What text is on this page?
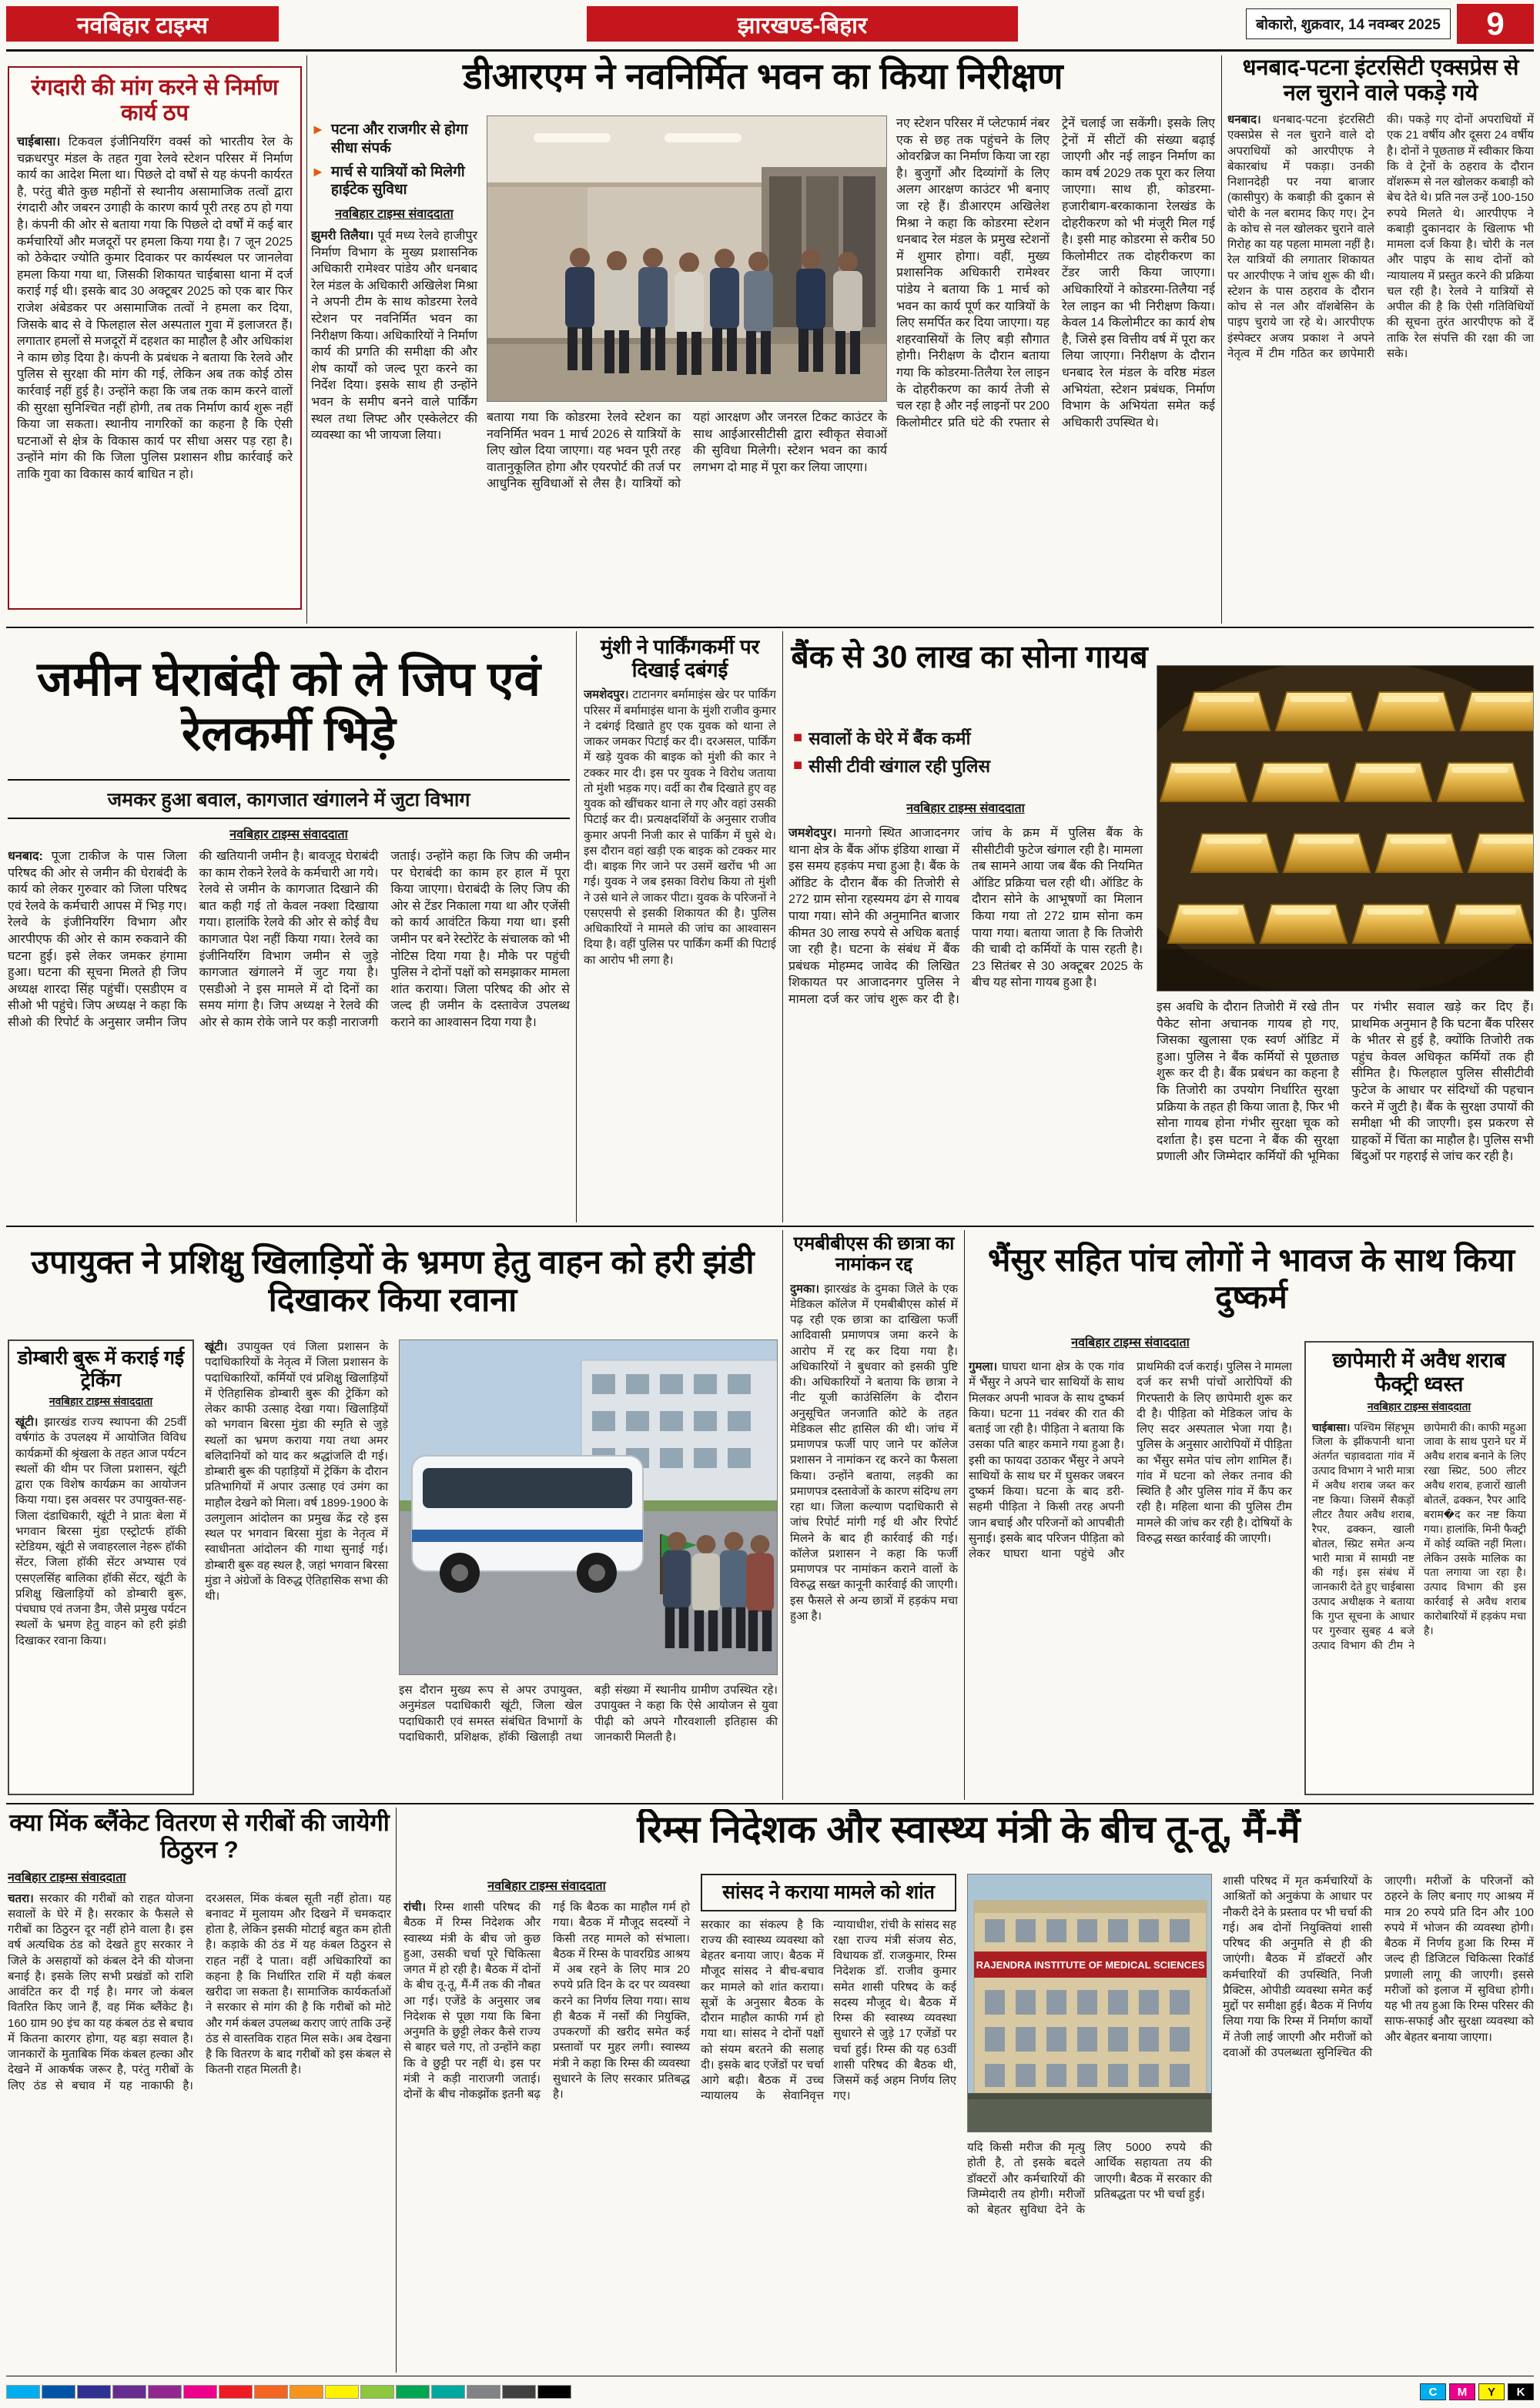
नवबिहार टाइम्स	झारखण्ड-बिहार	बोकारो, शुक्रवार, 14 नवम्बर 2025	9
रंगदारी की मांग करने से निर्माण कार्य ठप
चाईबासा। टिकवल इंजीनियरिंग वर्क्स को भारतीय रेल के चक्रधरपुर मंडल के तहत गुवा रेलवे स्टेशन परिसर में निर्माण कार्य का आदेश मिला था। पिछले दो वर्षों से यह कंपनी कार्यरत है, परंतु बीते कुछ महीनों से स्थानीय असामाजिक तत्वों द्वारा रंगदारी और जबरन उगाही के कारण कार्य पूरी तरह ठप हो गया है। कंपनी की ओर से बताया गया कि पिछले दो वर्षों में कई बार कर्मचारियों और मजदूरों पर हमला किया गया है। 7 जून 2025 को ठेकेदार ज्योति कुमार दिवाकर पर कार्यस्थल पर जानलेवा हमला किया गया था, जिसकी शिकायत चाईबासा थाना में दर्ज कराई गई थी। इसके बाद 30 अक्टूबर 2025 को एक बार फिर राजेश अंबेडकर पर असामाजिक तत्वों ने हमला कर दिया, जिसके बाद से वे फिलहाल सेल अस्पताल गुवा में इलाजरत हैं। लगातार हमलों से मजदूरों में दहशत का माहौल है और अधिकांश ने काम छोड़ दिया है। कंपनी के प्रबंधक ने बताया कि रेलवे और पुलिस से सुरक्षा की मांग की गई, लेकिन अब तक कोई ठोस कार्रवाई नहीं हुई है। उन्होंने कहा कि जब तक काम करने वालों की सुरक्षा सुनिश्चित नहीं होगी, तब तक निर्माण कार्य शुरू नहीं किया जा सकता। स्थानीय नागरिकों का कहना है कि ऐसी घटनाओं से क्षेत्र के विकास कार्य पर सीधा असर पड़ रहा है। उन्होंने मांग की कि जिला पुलिस प्रशासन शीघ्र कार्रवाई करे ताकि गुवा का विकास कार्य बाधित न हो।
डीआरएम ने नवनिर्मित भवन का किया निरीक्षण
► पटना और राजगीर से होगा सीधा संपर्क
► मार्च से यात्रियों को मिलेगी हाईटेक सुविधा
नवबिहार टाइम्स संवाददाता
झुमरी तिलैया। पूर्व मध्य रेलवे हाजीपुर निर्माण विभाग के मुख्य प्रशासनिक अधिकारी रामेश्वर पांडेय और धनबाद रेल मंडल के अधिकारी अखिलेश मिश्रा ने अपनी टीम के साथ कोडरमा रेलवे स्टेशन पर नवनिर्मित भवन का निरीक्षण किया। अधिकारियों ने निर्माण कार्य की प्रगति की समीक्षा की और शेष कार्यों को जल्द पूरा करने का निर्देश दिया। इसके साथ ही उन्होंने भवन के समीप बनने वाले पार्किंग स्थल तथा लिफ्ट और एस्केलेटर की व्यवस्था का भी जायजा लिया।
बताया गया कि कोडरमा रेलवे स्टेशन का नवनिर्मित भवन 1 मार्च 2026 से यात्रियों के लिए खोल दिया जाएगा। यह भवन पूरी तरह वातानुकूलित होगा और एयरपोर्ट की तर्ज पर आधुनिक सुविधाओं से लैस है। यात्रियों को यहां आरक्षण और जनरल टिकट काउंटर के साथ आईआरसीटीसी द्वारा स्वीकृत सेवाओं की सुविधा मिलेगी। स्टेशन भवन का कार्य लगभग दो माह में पूरा कर लिया जाएगा।
नए स्टेशन परिसर में प्लेटफार्म नंबर एक से छह तक पहुंचने के लिए ओवरब्रिज का निर्माण किया जा रहा है। बुजुर्गों और दिव्यांगों के लिए अलग आरक्षण काउंटर भी बनाए जा रहे हैं। डीआरएम अखिलेश मिश्रा ने कहा कि कोडरमा स्टेशन धनबाद रेल मंडल के प्रमुख स्टेशनों में शुमार होगा। वहीं, मुख्य प्रशासनिक अधिकारी रामेश्वर पांडेय ने बताया कि 1 मार्च को भवन का कार्य पूर्ण कर यात्रियों के लिए समर्पित कर दिया जाएगा। यह शहरवासियों के लिए बड़ी सौगात होगी। निरीक्षण के दौरान बताया गया कि कोडरमा-तिलैया रेल लाइन के दोहरीकरण का कार्य तेजी से चल रहा है और नई लाइनों पर 200 किलोमीटर प्रति घंटे की रफ्तार से ट्रेनें चलाई जा सकेंगी। इसके लिए ट्रेनों में सीटों की संख्या बढ़ाई जाएगी और नई लाइन निर्माण का काम वर्ष 2029 तक पूरा कर लिया जाएगा। साथ ही, कोडरमा-हजारीबाग-बरकाकाना रेलखंड के दोहरीकरण को भी मंजूरी मिल गई है। इसी माह कोडरमा से करीब 50 किलोमीटर तक दोहरीकरण का टेंडर जारी किया जाएगा। अधिकारियों ने कोडरमा-तिलैया नई रेल लाइन का भी निरीक्षण किया। केवल 14 किलोमीटर का कार्य शेष है, जिसे इस वित्तीय वर्ष में पूरा कर लिया जाएगा। निरीक्षण के दौरान धनबाद रेल मंडल के वरिष्ठ मंडल अभियंता, स्टेशन प्रबंधक, निर्माण विभाग के अभियंता समेत कई अधिकारी उपस्थित थे।
धनबाद-पटना इंटरसिटी एक्सप्रेस से नल चुराने वाले पकड़े गये
धनबाद। धनबाद-पटना इंटरसिटी एक्सप्रेस से नल चुराने वाले दो अपराधियों को आरपीएफ ने बेकारबांध में पकड़ा। उनकी निशानदेही पर नया बाजार (कासीपुर) के कबाड़ी की दुकान से चोरी के नल बरामद किए गए। ट्रेन के कोच से नल खोलकर चुराने वाले गिरोह का यह पहला मामला नहीं है। रेल यात्रियों की लगातार शिकायत पर आरपीएफ ने जांच शुरू की थी। स्टेशन के पास ठहराव के दौरान कोच से नल और वॉशबेसिन के पाइप चुराये जा रहे थे। आरपीएफ इंस्पेक्टर अजय प्रकाश ने अपने नेतृत्व में टीम गठित कर छापेमारी की। पकड़े गए दोनों अपराधियों में एक 21 वर्षीय और दूसरा 24 वर्षीय है। दोनों ने पूछताछ में स्वीकार किया कि वे ट्रेनों के ठहराव के दौरान वॉशरूम से नल खोलकर कबाड़ी को बेच देते थे। प्रति नल उन्हें 100-150 रुपये मिलते थे। आरपीएफ ने कबाड़ी दुकानदार के खिलाफ भी मामला दर्ज किया है। चोरी के नल और पाइप के साथ दोनों को न्यायालय में प्रस्तुत करने की प्रक्रिया चल रही है। रेलवे ने यात्रियों से अपील की है कि ऐसी गतिविधियों की सूचना तुरंत आरपीएफ को दें ताकि रेल संपत्ति की रक्षा की जा सके।
जमीन घेराबंदी को ले जिप एवं रेलकर्मी भिड़े
जमकर हुआ बवाल, कागजात खंगालने में जुटा विभाग
नवबिहार टाइम्स संवाददाता
धनबाद: पूजा टाकीज के पास जिला परिषद की ओर से जमीन की घेराबंदी के कार्य को लेकर गुरुवार को जिला परिषद एवं रेलवे के कर्मचारी आपस में भिड़ गए। रेलवे के इंजीनियरिंग विभाग और आरपीएफ की ओर से काम रुकवाने की घटना हुई। इसे लेकर जमकर हंगामा हुआ। घटना की सूचना मिलते ही जिप अध्यक्ष शारदा सिंह पहुंचीं। एसडीएम व सीओ भी पहुंचे। जिप अध्यक्ष ने कहा कि सीओ की रिपोर्ट के अनुसार जमीन जिप की खतियानी जमीन है। बावजूद घेराबंदी का काम रोकने रेलवे के कर्मचारी आ गये। रेलवे से जमीन के कागजात दिखाने की बात कही गई तो केवल नक्शा दिखाया गया। हालांकि रेलवे की ओर से कोई वैध कागजात पेश नहीं किया गया। रेलवे का इंजीनियरिंग विभाग जमीन से जुड़े कागजात खंगालने में जुट गया है। एसडीओ ने इस मामले में दो दिनों का समय मांगा है। जिप अध्यक्ष ने रेलवे की ओर से काम रोके जाने पर कड़ी नाराजगी जताई। उन्होंने कहा कि जिप की जमीन पर घेराबंदी का काम हर हाल में पूरा किया जाएगा। घेराबंदी के लिए जिप की ओर से टेंडर निकाला गया था और एजेंसी को कार्य आवंटित किया गया था। इसी जमीन पर बने रेस्टोरेंट के संचालक को भी नोटिस दिया गया है। मौके पर पहुंची पुलिस ने दोनों पक्षों को समझाकर मामला शांत कराया। जिला परिषद की ओर से जल्द ही जमीन के दस्तावेज उपलब्ध कराने का आश्वासन दिया गया है।
मुंशी ने पार्किंगकर्मी पर दिखाई दबंगई
जमशेदपुर। टाटानगर बर्मामाइंस खेर पर पार्किंग परिसर में बर्मामाइंस थाना के मुंशी राजीव कुमार ने दबंगई दिखाते हुए एक युवक को थाना ले जाकर जमकर पिटाई कर दी। दरअसल, पार्किंग में खड़े युवक की बाइक को मुंशी की कार ने टक्कर मार दी। इस पर युवक ने विरोध जताया तो मुंशी भड़क गए। वर्दी का रौब दिखाते हुए वह युवक को खींचकर थाना ले गए और वहां उसकी पिटाई कर दी। प्रत्यक्षदर्शियों के अनुसार राजीव कुमार अपनी निजी कार से पार्किंग में घुसे थे। इस दौरान वहां खड़ी एक बाइक को टक्कर मार दी। बाइक गिर जाने पर उसमें खरोंच भी आ गई। युवक ने जब इसका विरोध किया तो मुंशी ने उसे थाने ले जाकर पीटा। युवक के परिजनों ने एसएसपी से इसकी शिकायत की है। पुलिस अधिकारियों ने मामले की जांच का आश्वासन दिया है। वहीं पुलिस पर पार्किंग कर्मी की पिटाई का आरोप भी लगा है।
बैंक से 30 लाख का सोना गायब
■ सवालों के घेरे में बैंक कर्मी
■ सीसी टीवी खंगाल रही पुलिस
नवबिहार टाइम्स संवाददाता
जमशेदपुर। मानगो स्थित आजादनगर थाना क्षेत्र के बैंक ऑफ इंडिया शाखा में इस समय हड़कंप मचा हुआ है। बैंक के ऑडिट के दौरान बैंक की तिजोरी से 272 ग्राम सोना रहस्यमय ढंग से गायब पाया गया। सोने की अनुमानित बाजार कीमत 30 लाख रुपये से अधिक बताई जा रही है। घटना के संबंध में बैंक प्रबंधक मोहम्मद जावेद की लिखित शिकायत पर आजादनगर पुलिस ने मामला दर्ज कर जांच शुरू कर दी है। जांच के क्रम में पुलिस बैंक के सीसीटीवी फुटेज खंगाल रही है। मामला तब सामने आया जब बैंक की नियमित ऑडिट प्रक्रिया चल रही थी। ऑडिट के दौरान सोने के आभूषणों का मिलान किया गया तो 272 ग्राम सोना कम पाया गया। बताया जाता है कि तिजोरी की चाबी दो कर्मियों के पास रहती है। 23 सितंबर से 30 अक्टूबर 2025 के बीच यह सोना गायब हुआ है।
इस अवधि के दौरान तिजोरी में रखे तीन पैकेट सोना अचानक गायब हो गए, जिसका खुलासा एक स्वर्ण ऑडिट में हुआ। पुलिस ने बैंक कर्मियों से पूछताछ शुरू कर दी है। बैंक प्रबंधन का कहना है कि तिजोरी का उपयोग निर्धारित सुरक्षा प्रक्रिया के तहत ही किया जाता है, फिर भी सोना गायब होना गंभीर सुरक्षा चूक को दर्शाता है। इस घटना ने बैंक की सुरक्षा प्रणाली और जिम्मेदार कर्मियों की भूमिका पर गंभीर सवाल खड़े कर दिए हैं। प्राथमिक अनुमान है कि घटना बैंक परिसर के भीतर से हुई है, क्योंकि तिजोरी तक पहुंच केवल अधिकृत कर्मियों तक ही सीमित है। फिलहाल पुलिस सीसीटीवी फुटेज के आधार पर संदिग्धों की पहचान करने में जुटी है। बैंक के सुरक्षा उपायों की समीक्षा भी की जाएगी। इस प्रकरण से ग्राहकों में चिंता का माहौल है। पुलिस सभी बिंदुओं पर गहराई से जांच कर रही है।
उपायुक्त ने प्रशिक्षु खिलाड़ियों के भ्रमण हेतु वाहन को हरी झंडी दिखाकर किया रवाना
डोम्बारी बुरू में कराई गई ट्रेकिंग
नवबिहार टाइम्स संवाददाता
खूंटी। झारखंड राज्य स्थापना की 25वीं वर्षगांठ के उपलक्ष्य में आयोजित विविध कार्यक्रमों की श्रृंखला के तहत आज पर्यटन स्थलों की थीम पर जिला प्रशासन, खूंटी द्वारा एक विशेष कार्यक्रम का आयोजन किया गया। इस अवसर पर उपायुक्त-सह-जिला दंडाधिकारी, खूंटी ने प्रातः बेला में भगवान बिरसा मुंडा एस्ट्रोटर्फ हॉकी स्टेडियम, खूंटी से जवाहरलाल नेहरू हॉकी सेंटर, जिला हॉकी सेंटर अभ्यास एवं एसएलसिंह बालिका हॉकी सेंटर, खूंटी के प्रशिक्षु खिलाड़ियों को डोम्बारी बुरू, पंचघाघ एवं तजना डैम, जैसे प्रमुख पर्यटन स्थलों के भ्रमण हेतु वाहन को हरी झंडी दिखाकर रवाना किया।
खूंटी। उपायुक्त एवं जिला प्रशासन के पदाधिकारियों के नेतृत्व में जिला प्रशासन के पदाधिकारियों, कर्मियों एवं प्रशिक्षु खिलाड़ियों में ऐतिहासिक डोम्बारी बुरू की ट्रेकिंग को लेकर काफी उत्साह देखा गया। खिलाड़ियों को भगवान बिरसा मुंडा की स्मृति से जुड़े स्थलों का भ्रमण कराया गया तथा अमर बलिदानियों को याद कर श्रद्धांजलि दी गई। डोम्बारी बुरू की पहाड़ियों में ट्रेकिंग के दौरान प्रतिभागियों में अपार उत्साह एवं उमंग का माहौल देखने को मिला। वर्ष 1899-1900 के उलगुलान आंदोलन का प्रमुख केंद्र रहे इस स्थल पर भगवान बिरसा मुंडा के नेतृत्व में स्वाधीनता आंदोलन की गाथा सुनाई गई। डोम्बारी बुरू वह स्थल है, जहां भगवान बिरसा मुंडा ने अंग्रेजों के विरुद्ध ऐतिहासिक सभा की थी।
इस दौरान मुख्य रूप से अपर उपायुक्त, अनुमंडल पदाधिकारी खूंटी, जिला खेल पदाधिकारी एवं समस्त संबंधित विभागों के पदाधिकारी, प्रशिक्षक, हॉकी खिलाड़ी तथा बड़ी संख्या में स्थानीय ग्रामीण उपस्थित रहे। उपायुक्त ने कहा कि ऐसे आयोजन से युवा पीढ़ी को अपने गौरवशाली इतिहास की जानकारी मिलती है।
एमबीबीएस की छात्रा का नामांकन रद्द
दुमका। झारखंड के दुमका जिले के एक मेडिकल कॉलेज में एमबीबीएस कोर्स में पढ़ रही एक छात्रा का दाखिला फर्जी आदिवासी प्रमाणपत्र जमा करने के आरोप में रद्द कर दिया गया है। अधिकारियों ने बुधवार को इसकी पुष्टि की। अधिकारियों ने बताया कि छात्रा ने नीट यूजी काउंसिलिंग के दौरान अनुसूचित जनजाति कोटे के तहत मेडिकल सीट हासिल की थी। जांच में प्रमाणपत्र फर्जी पाए जाने पर कॉलेज प्रशासन ने नामांकन रद्द करने का फैसला किया। उन्होंने बताया, लड़की का प्रमाणपत्र दस्तावेजों के कारण संदिग्ध लग रहा था। जिला कल्याण पदाधिकारी से जांच रिपोर्ट मांगी गई थी और रिपोर्ट मिलने के बाद ही कार्रवाई की गई। कॉलेज प्रशासन ने कहा कि फर्जी प्रमाणपत्र पर नामांकन कराने वालों के विरुद्ध सख्त कानूनी कार्रवाई की जाएगी। इस फैसले से अन्य छात्रों में हड़कंप मचा हुआ है।
भैंसुर सहित पांच लोगों ने भावज के साथ किया दुष्कर्म
नवबिहार टाइम्स संवाददाता
गुमला। घाघरा थाना क्षेत्र के एक गांव में भैंसुर ने अपने चार साथियों के साथ मिलकर अपनी भावज के साथ दुष्कर्म किया। घटना 11 नवंबर की रात की बताई जा रही है। पीड़िता ने बताया कि उसका पति बाहर कमाने गया हुआ है। इसी का फायदा उठाकर भैंसुर ने अपने साथियों के साथ घर में घुसकर जबरन दुष्कर्म किया। घटना के बाद डरी-सहमी पीड़िता ने किसी तरह अपनी जान बचाई और परिजनों को आपबीती सुनाई। इसके बाद परिजन पीड़िता को लेकर घाघरा थाना पहुंचे और प्राथमिकी दर्ज कराई। पुलिस ने मामला दर्ज कर सभी पांचों आरोपियों की गिरफ्तारी के लिए छापेमारी शुरू कर दी है। पीड़िता को मेडिकल जांच के लिए सदर अस्पताल भेजा गया है। पुलिस के अनुसार आरोपियों में पीड़िता का भैंसुर समेत पांच लोग शामिल हैं। गांव में घटना को लेकर तनाव की स्थिति है और पुलिस गांव में कैंप कर रही है। महिला थाना की पुलिस टीम मामले की जांच कर रही है। दोषियों के विरुद्ध सख्त कार्रवाई की जाएगी।
छापेमारी में अवैध शराब फैक्ट्री ध्वस्त
नवबिहार टाइम्स संवाददाता
चाईबासा। पश्चिम सिंहभूम जिला के झींकपानी थाना अंतर्गत चड़ावदाता गांव में उत्पाद विभाग ने भारी मात्रा में अवैध शराब जब्त कर नष्ट किया। जिसमें सैकड़ों लीटर तैयार अवैध शराब, रैपर, ढक्कन, खाली बोतल, स्प्रिट समेत अन्य भारी मात्रा में सामग्री नष्ट की गई। इस संबंध में जानकारी देते हुए चाईबासा उत्पाद अधीक्षक ने बताया कि गुप्त सूचना के आधार पर गुरुवार सुबह 4 बजे उत्पाद विभाग की टीम ने छापेमारी की। काफी महुआ जावा के साथ पुराने घर में अवैध शराब बनाने के लिए रखा स्प्रिट, 500 लीटर अवैध शराब, हजारों खाली बोतलें, ढक्कन, रैपर आदि बराम�द कर नष्ट किया गया। हालांकि, मिनी फैक्ट्री में कोई व्यक्ति नहीं मिला। लेकिन उसके मालिक का पता लगाया जा रहा है। उत्पाद विभाग की इस कार्रवाई से अवैध शराब कारोबारियों में हड़कंप मचा है।
क्या मिंक ब्लैंकेट वितरण से गरीबों की जायेगी ठिठुरन ?
नवबिहार टाइम्स संवाददाता
चतरा। सरकार की गरीबों को राहत योजना सवालों के घेरे में है। सरकार के फैसले से गरीबों का ठिठुरन दूर नहीं होने वाला है। इस वर्ष अत्यधिक ठंड को देखते हुए सरकार ने जिले के असहायों को कंबल देने की योजना बनाई है। इसके लिए सभी प्रखंडों को राशि आवंटित कर दी गई है। मगर जो कंबल वितरित किए जाने हैं, वह मिंक ब्लैंकेट है। 160 ग्राम 90 इंच का यह कंबल ठंड से बचाव में कितना कारगर होगा, यह बड़ा सवाल है। जानकारों के मुताबिक मिंक कंबल हल्का और देखने में आकर्षक जरूर है, परंतु गरीबों के लिए ठंड से बचाव में यह नाकाफी है। दरअसल, मिंक कंबल सूती नहीं होता। यह बनावट में मुलायम और दिखने में चमकदार होता है, लेकिन इसकी मोटाई बहुत कम होती है। कड़ाके की ठंड में यह कंबल ठिठुरन से राहत नहीं दे पाता। वहीं अधिकारियों का कहना है कि निर्धारित राशि में यही कंबल खरीदा जा सकता है। सामाजिक कार्यकर्ताओं ने सरकार से मांग की है कि गरीबों को मोटे और गर्म कंबल उपलब्ध कराए जाएं ताकि उन्हें ठंड से वास्तविक राहत मिल सके। अब देखना है कि वितरण के बाद गरीबों को इस कंबल से कितनी राहत मिलती है।
रिम्स निदेशक और स्वास्थ्य मंत्री के बीच तू-तू, मैं-मैं
नवबिहार टाइम्स संवाददाता
रांची। रिम्स शासी परिषद की बैठक में रिम्स निदेशक और स्वास्थ्य मंत्री के बीच जो कुछ हुआ, उसकी चर्चा पूरे चिकित्सा जगत में हो रही है। बैठक में दोनों के बीच तू-तू, मैं-मैं तक की नौबत आ गई। एजेंडे के अनुसार जब निदेशक से पूछा गया कि बिना अनुमति के छुट्टी लेकर कैसे राज्य से बाहर चले गए, तो उन्होंने कहा कि वे छुट्टी पर नहीं थे। इस पर मंत्री ने कड़ी नाराजगी जताई। दोनों के बीच नोकझोंक इतनी बढ़ गई कि बैठक का माहौल गर्म हो गया। बैठक में मौजूद सदस्यों ने किसी तरह मामले को संभाला। बैठक में रिम्स के पावरग्रिड आश्रय में अब रहने के लिए मात्र 20 रुपये प्रति दिन के दर पर व्यवस्था करने का निर्णय लिया गया। साथ ही बैठक में नर्सों की नियुक्ति, उपकरणों की खरीद समेत कई प्रस्तावों पर मुहर लगी। स्वास्थ्य मंत्री ने कहा कि रिम्स की व्यवस्था सुधारने के लिए सरकार प्रतिबद्ध है।
सांसद ने कराया मामले को शांत
सरकार का संकल्प है कि राज्य की स्वास्थ्य व्यवस्था को बेहतर बनाया जाए। बैठक में मौजूद सांसद ने बीच-बचाव कर मामले को शांत कराया। सूत्रों के अनुसार बैठक के दौरान माहौल काफी गर्म हो गया था। सांसद ने दोनों पक्षों को संयम बरतने की सलाह दी। इसके बाद एजेंडों पर चर्चा आगे बढ़ी। बैठक में उच्च न्यायालय के सेवानिवृत्त न्यायाधीश, रांची के सांसद सह रक्षा राज्य मंत्री संजय सेठ, विधायक डॉ. राजकुमार, रिम्स निदेशक डॉ. राजीव कुमार समेत शासी परिषद के कई सदस्य मौजूद थे। बैठक में रिम्स की स्वास्थ्य व्यवस्था सुधारने से जुड़े 17 एजेंडों पर चर्चा हुई। रिम्स की यह 63वीं शासी परिषद की बैठक थी, जिसमें कई अहम निर्णय लिए गए।
RAJENDRA INSTITUTE OF MEDICAL SCIENCES
यदि किसी मरीज की मृत्यु होती है, तो इसके बदले डॉक्टरों और कर्मचारियों की जिम्मेदारी तय होगी। मरीजों को बेहतर सुविधा देने के लिए 5000 रुपये की आर्थिक सहायता तय की जाएगी। बैठक में सरकार की प्रतिबद्धता पर भी चर्चा हुई।
शासी परिषद में मृत कर्मचारियों के आश्रितों को अनुकंपा के आधार पर नौकरी देने के प्रस्ताव पर भी चर्चा की गई। अब दोनों नियुक्तियां शासी परिषद की अनुमति से ही की जाएंगी। बैठक में डॉक्टरों और कर्मचारियों की उपस्थिति, निजी प्रैक्टिस, ओपीडी व्यवस्था समेत कई मुद्दों पर समीक्षा हुई। बैठक में निर्णय लिया गया कि रिम्स में निर्माण कार्यों में तेजी लाई जाएगी और मरीजों को दवाओं की उपलब्धता सुनिश्चित की जाएगी। मरीजों के परिजनों को ठहरने के लिए बनाए गए आश्रय में मात्र 20 रुपये प्रति दिन और 100 रुपये में भोजन की व्यवस्था होगी। बैठक में निर्णय हुआ कि रिम्स में जल्द ही डिजिटल चिकित्सा रिकॉर्ड प्रणाली लागू की जाएगी। इससे मरीजों को इलाज में सुविधा होगी। यह भी तय हुआ कि रिम्स परिसर की साफ-सफाई और सुरक्षा व्यवस्था को और बेहतर बनाया जाएगा।
C	M	Y	K
